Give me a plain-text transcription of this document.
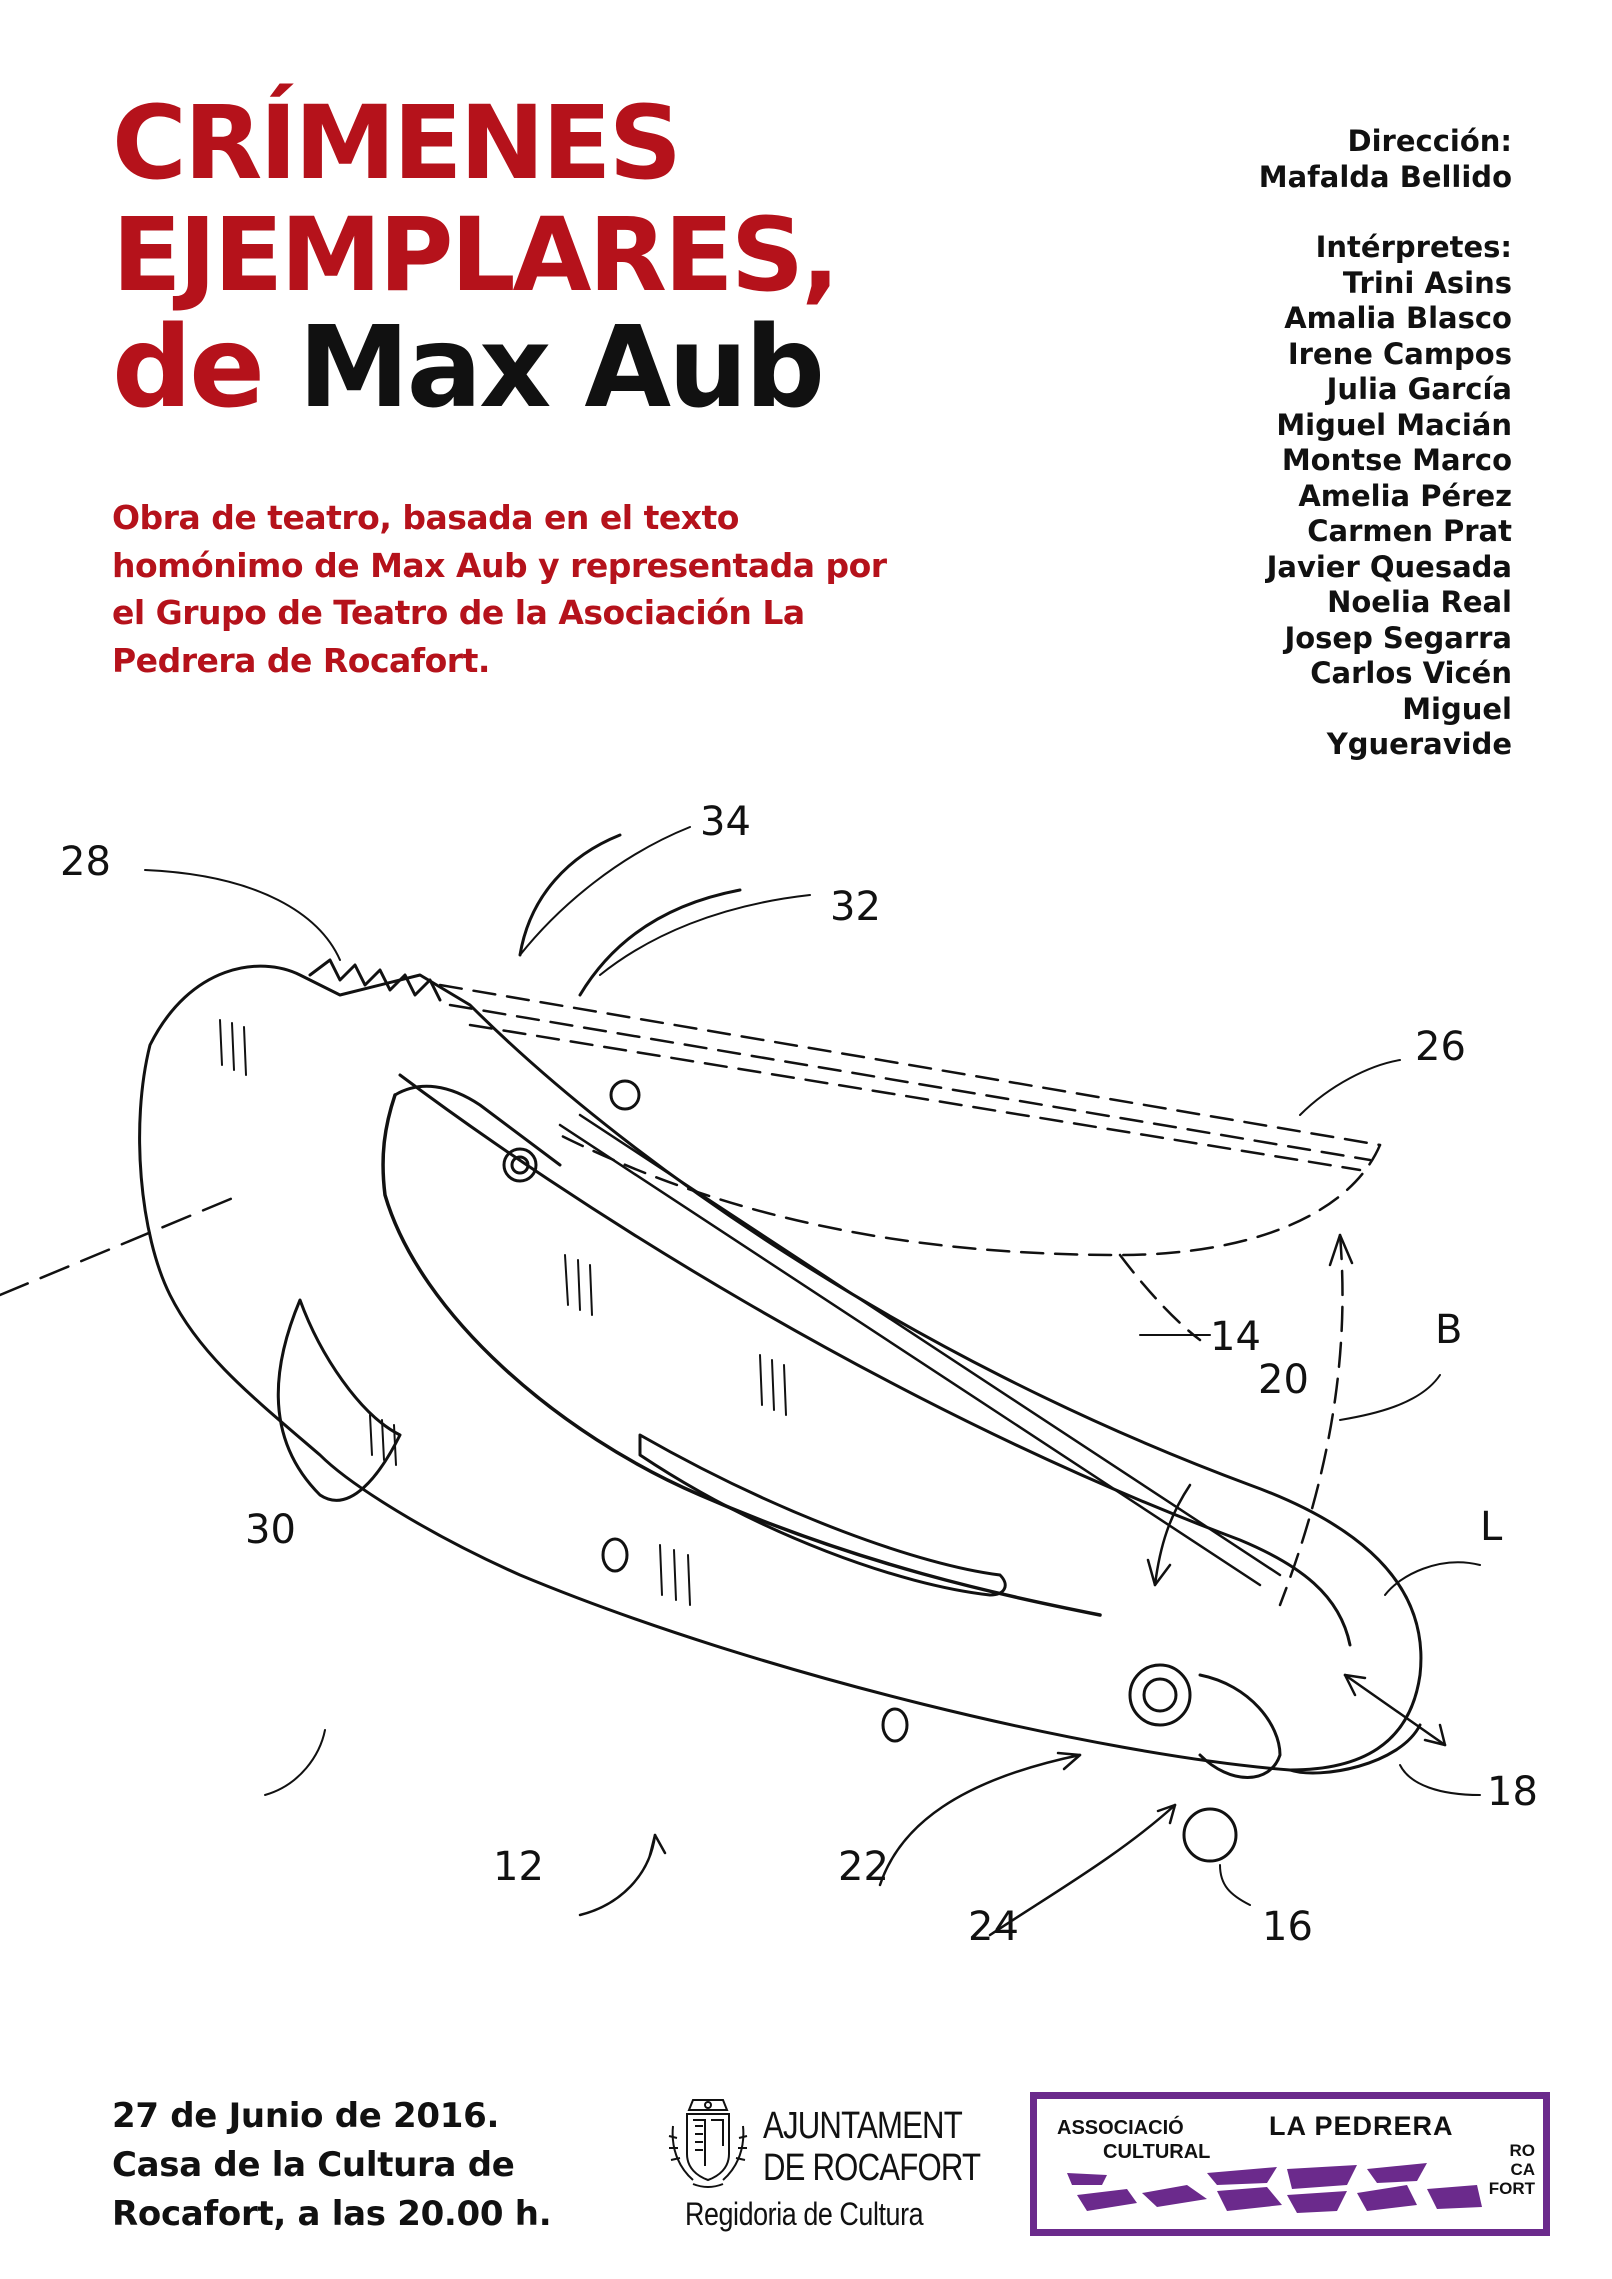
CRÍMENES
EJEMPLARES,
de Max Aub
Obra de teatro, basada en el texto
homónimo de Max Aub y representada por
el Grupo de Teatro de la Asociación La
Pedrera de Rocafort.
Dirección:
Mafalda Bellido
Intérpretes:
Trini Asins
Amalia Blasco
Irene Campos
Julia García
Miguel Macián
Montse Marco
Amelia Pérez
Carmen Prat
Javier Quesada
Noelia Real
Josep Segarra
Carlos Vicén
Miguel
Ygueravide
28
34
32
26
14	B
20
L
30
18
12	22
24	16
27 de Junio de 2016.
Casa de la Cultura de
Rocafort, a las 20.00 h.
AJUNTAMENT
DE ROCAFORT
Regidoria de Cultura
ASSOCIACIÓ
CULTURAL
LA PEDRERA
RO
CA
FORT
